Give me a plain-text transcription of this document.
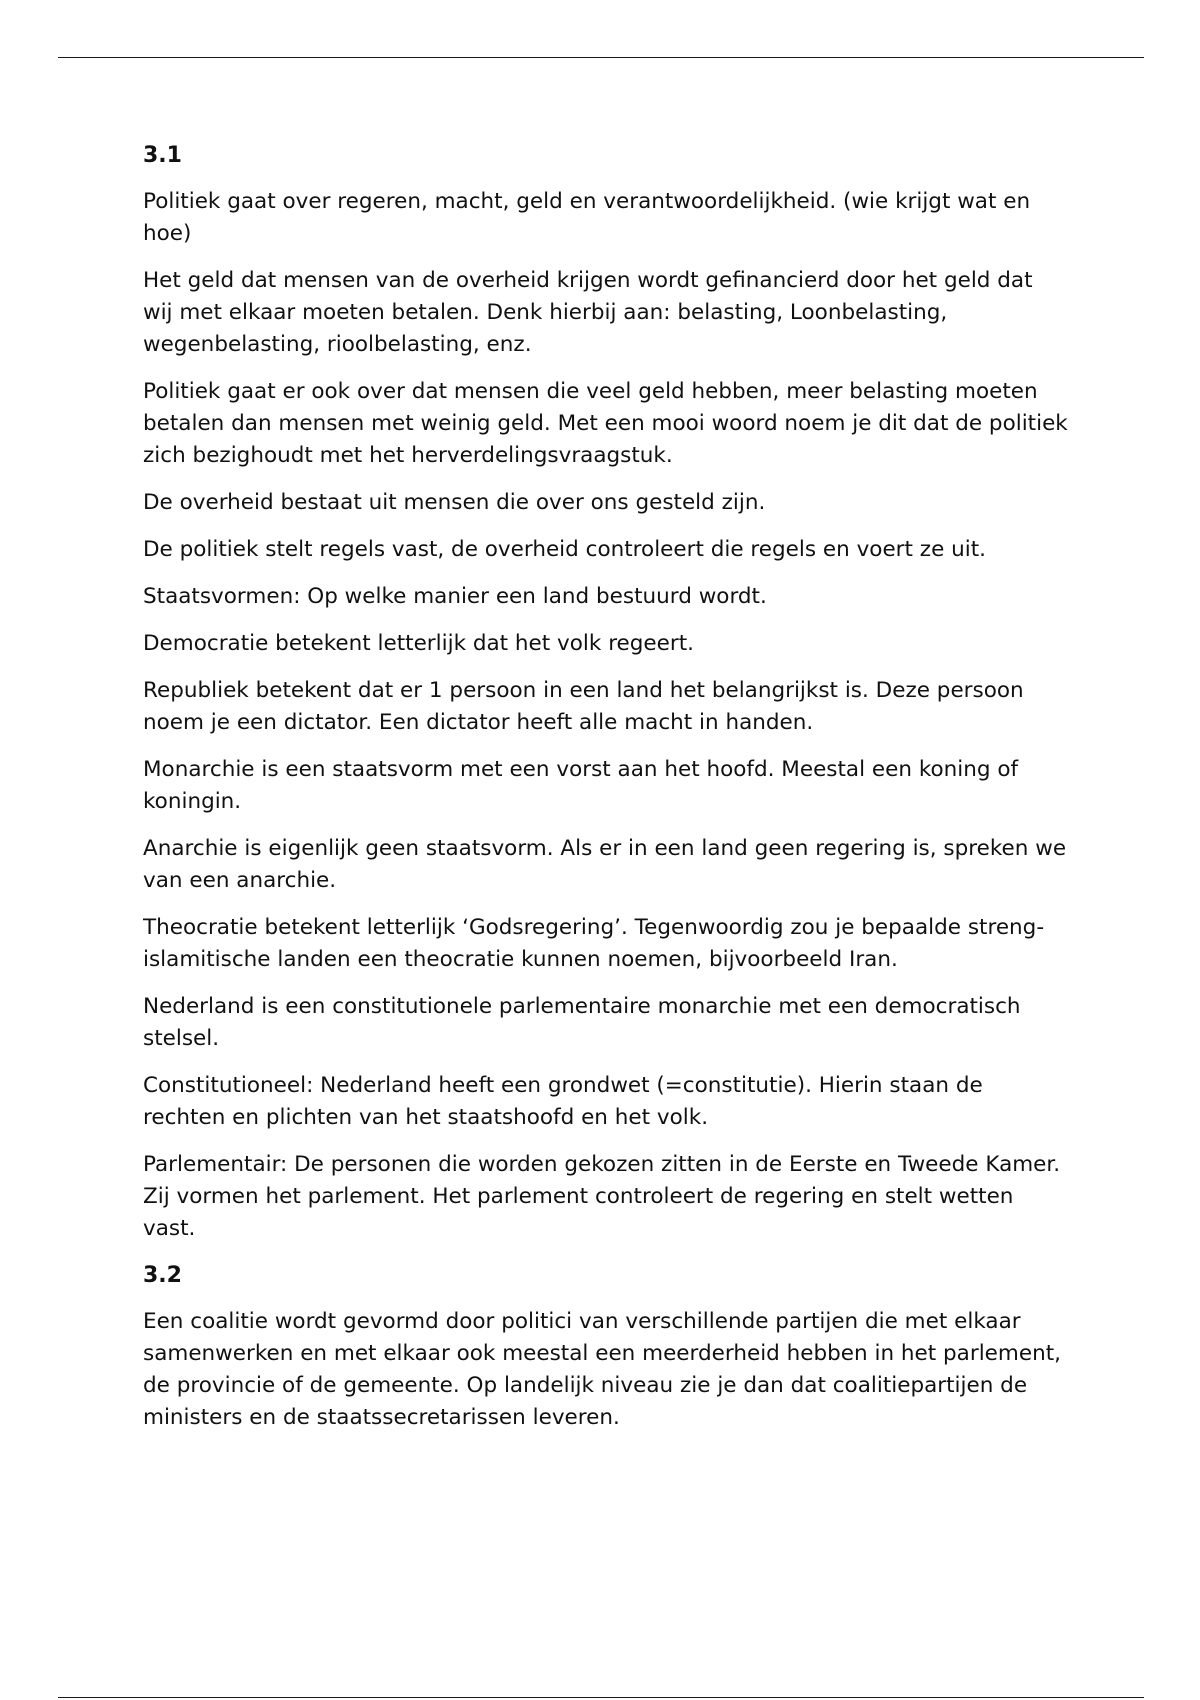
3.1

Politiek gaat over regeren, macht, geld en verantwoordelijkheid. (wie krijgt wat en hoe)

Het geld dat mensen van de overheid krijgen wordt gefinancierd door het geld dat wij met elkaar moeten betalen. Denk hierbij aan: belasting, Loonbelasting, wegenbelasting, rioolbelasting, enz.

Politiek gaat er ook over dat mensen die veel geld hebben, meer belasting moeten betalen dan mensen met weinig geld. Met een mooi woord noem je dit dat de politiek zich bezighoudt met het herverdelingsvraagstuk.

De overheid bestaat uit mensen die over ons gesteld zijn.

De politiek stelt regels vast, de overheid controleert die regels en voert ze uit.

Staatsvormen: Op welke manier een land bestuurd wordt.

Democratie betekent letterlijk dat het volk regeert.

Republiek betekent dat er 1 persoon in een land het belangrijkst is. Deze persoon noem je een dictator. Een dictator heeft alle macht in handen.

Monarchie is een staatsvorm met een vorst aan het hoofd. Meestal een koning of koningin.

Anarchie is eigenlijk geen staatsvorm. Als er in een land geen regering is, spreken we van een anarchie.

Theocratie betekent letterlijk ‘Godsregering’. Tegenwoordig zou je bepaalde streng-islamitische landen een theocratie kunnen noemen, bijvoorbeeld Iran.

Nederland is een constitutionele parlementaire monarchie met een democratisch stelsel.

Constitutioneel: Nederland heeft een grondwet (=constitutie). Hierin staan de rechten en plichten van het staatshoofd en het volk.

Parlementair: De personen die worden gekozen zitten in de Eerste en Tweede Kamer. Zij vormen het parlement. Het parlement controleert de regering en stelt wetten vast.

3.2

Een coalitie wordt gevormd door politici van verschillende partijen die met elkaar samenwerken en met elkaar ook meestal een meerderheid hebben in het parlement, de provincie of de gemeente. Op landelijk niveau zie je dan dat coalitiepartijen de ministers en de staatssecretarissen leveren.
